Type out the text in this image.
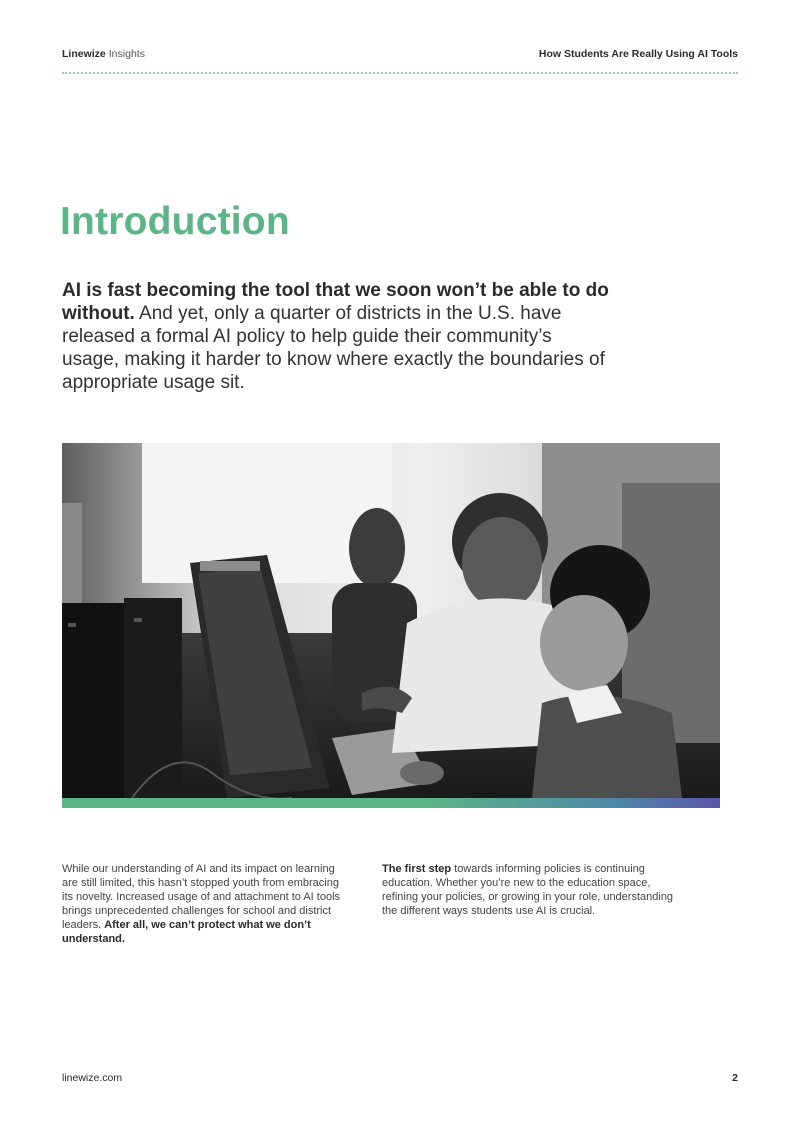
Linewize Insights	How Students Are Really Using AI Tools
Introduction

AI is fast becoming the tool that we soon won’t be able to do without. And yet, only a quarter of districts in the U.S. have released a formal AI policy to help guide their community’s usage, making it harder to know where exactly the boundaries of appropriate usage sit.

While our understanding of AI and its impact on learning are still limited, this hasn’t stopped youth from embracing its novelty. Increased usage of and attachment to AI tools brings unprecedented challenges for school and district leaders. After all, we can’t protect what we don’t understand.

The first step towards informing policies is continuing education. Whether you’re new to the education space, refining your policies, or growing in your role, understanding the different ways students use AI is crucial.

linewize.com	2
